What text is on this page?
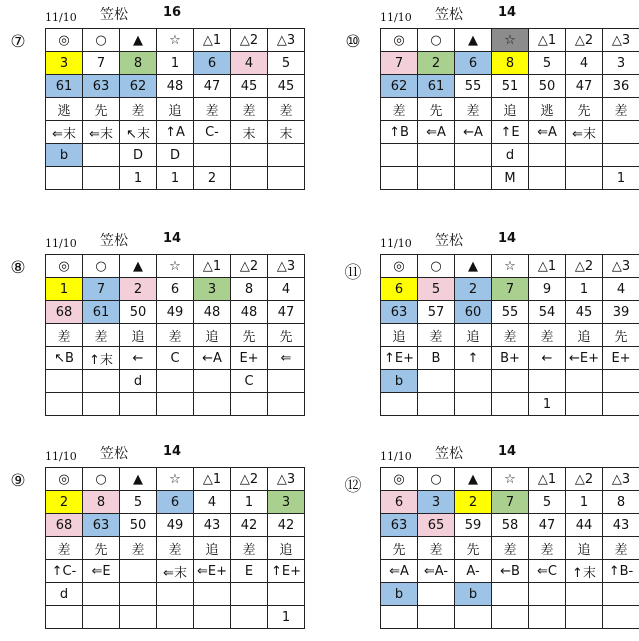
⑦
11/10 笠松	16
◎	○	▲	☆	△1	△2	△3
3	7	8	1	6	4	5
61	63	62	48	47	45	45
逃	先	差	追	差	差	差
⇐末	⇐末	↖末	↑A	C-	末	末
b		D	D			
		1	1	2		
⑩
11/10 笠松	14
◎	○	▲	☆	△1	△2	△3
7	2	6	8	5	4	3
62	61	55	51	50	47	36
差	先	差	追	逃	先	差
↑B	⇐A	←A	↑E	⇐A	⇐末	
			d			
			M			1
⑧
11/10 笠松	14
◎	○	▲	☆	△1	△2	△3
1	7	2	6	3	8	4
68	61	50	49	48	48	47
差	差	追	差	追	先	先
↖B	↑末	←	C	←A	E+	⇐
		d			C	

⑪
11/10 笠松	14
◎	○	▲	☆	△1	△2	△3
6	5	2	7	9	1	4
63	57	60	55	54	45	39
追	差	追	差	差	追	先
↑E+	B	↑	B+	←	←E+	E+
b						
				1		
⑨
11/10 笠松	14
◎	○	▲	☆	△1	△2	△3
2	8	5	6	4	1	3
68	63	50	49	43	42	42
差	先	差	差	追	差	追
↑C-	⇐E		⇐末	⇐E+	E	↑E+
d						
						1
⑫
11/10 笠松	14
◎	○	▲	☆	△1	△2	△3
6	3	2	7	5	1	8
63	65	59	58	47	44	43
先	差	先	差	差	追	差
⇐A	⇐A-	A-	←B	⇐C	↑末	↑B-
b		b				
